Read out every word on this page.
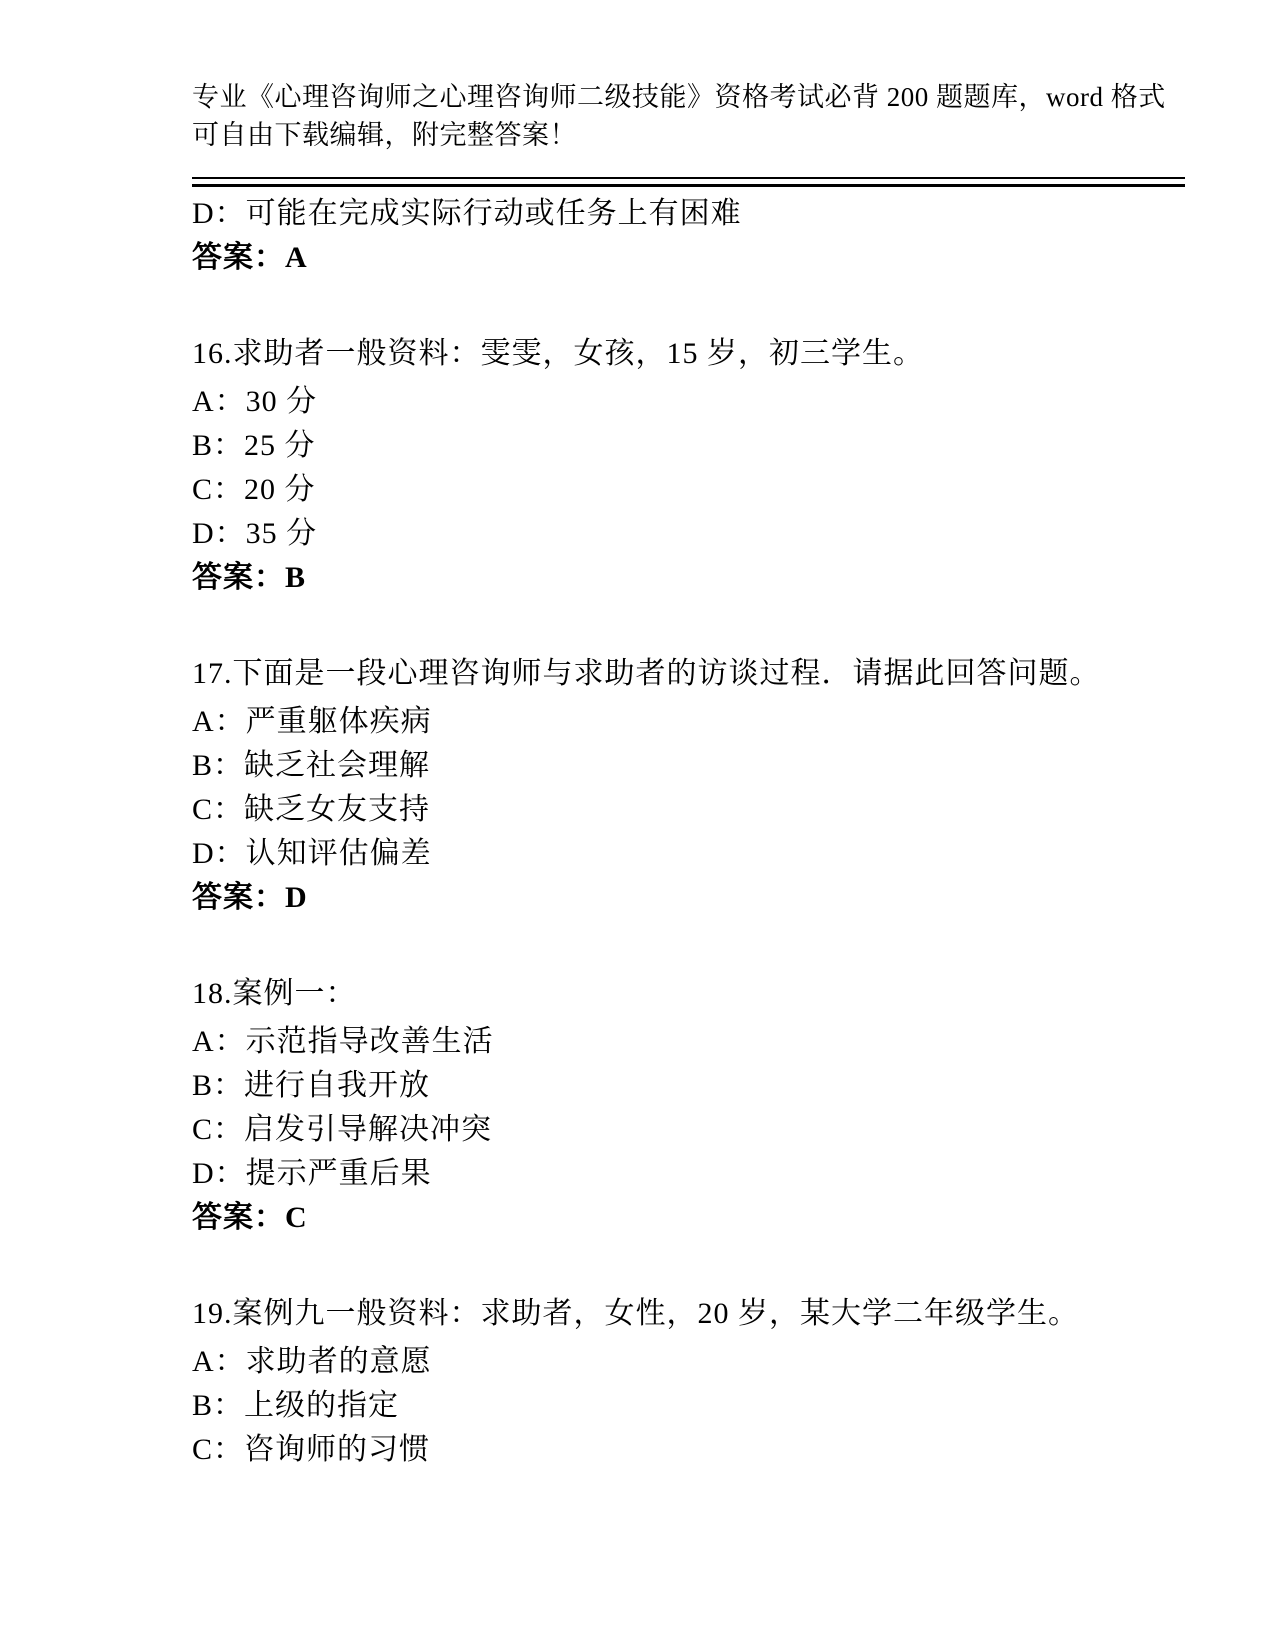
专业《心理咨询师之心理咨询师二级技能》资格考试必背 200 题题库，word 格式
可自由下载编辑，附完整答案！

D：可能在完成实际行动或任务上有困难

答案：A

16.求助者一般资料：雯雯，女孩，15 岁，初三学生。

A：30 分

B：25 分

C：20 分

D：35 分

答案：B

17.下面是一段心理咨询师与求助者的访谈过程．请据此回答问题。

A：严重躯体疾病

B：缺乏社会理解

C：缺乏女友支持

D：认知评估偏差

答案：D

18.案例一：

A：示范指导改善生活

B：进行自我开放

C：启发引导解决冲突

D：提示严重后果

答案：C

19.案例九一般资料：求助者，女性，20 岁，某大学二年级学生。

A：求助者的意愿

B：上级的指定

C：咨询师的习惯
